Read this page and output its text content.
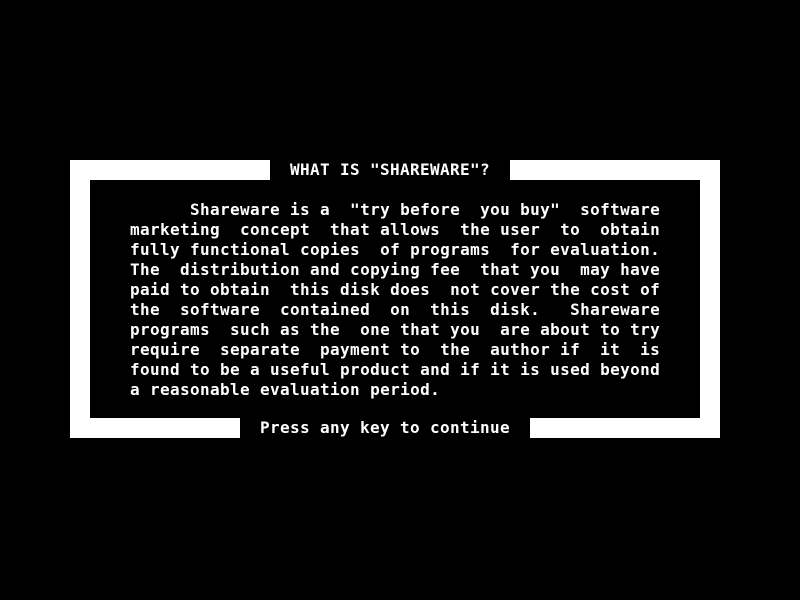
WHAT IS "SHAREWARE"?
Shareware is a  "try before  you buy"  software
marketing  concept  that allows  the user  to  obtain
fully functional copies  of programs  for evaluation.
The  distribution and copying fee  that you  may have
paid to obtain  this disk does  not cover the cost of
the  software  contained  on  this  disk.   Shareware
programs  such as the  one that you  are about to try
require  separate  payment to  the  author if  it  is
found to be a useful product and if it is used beyond
a reasonable evaluation period.
Press any key to continue
